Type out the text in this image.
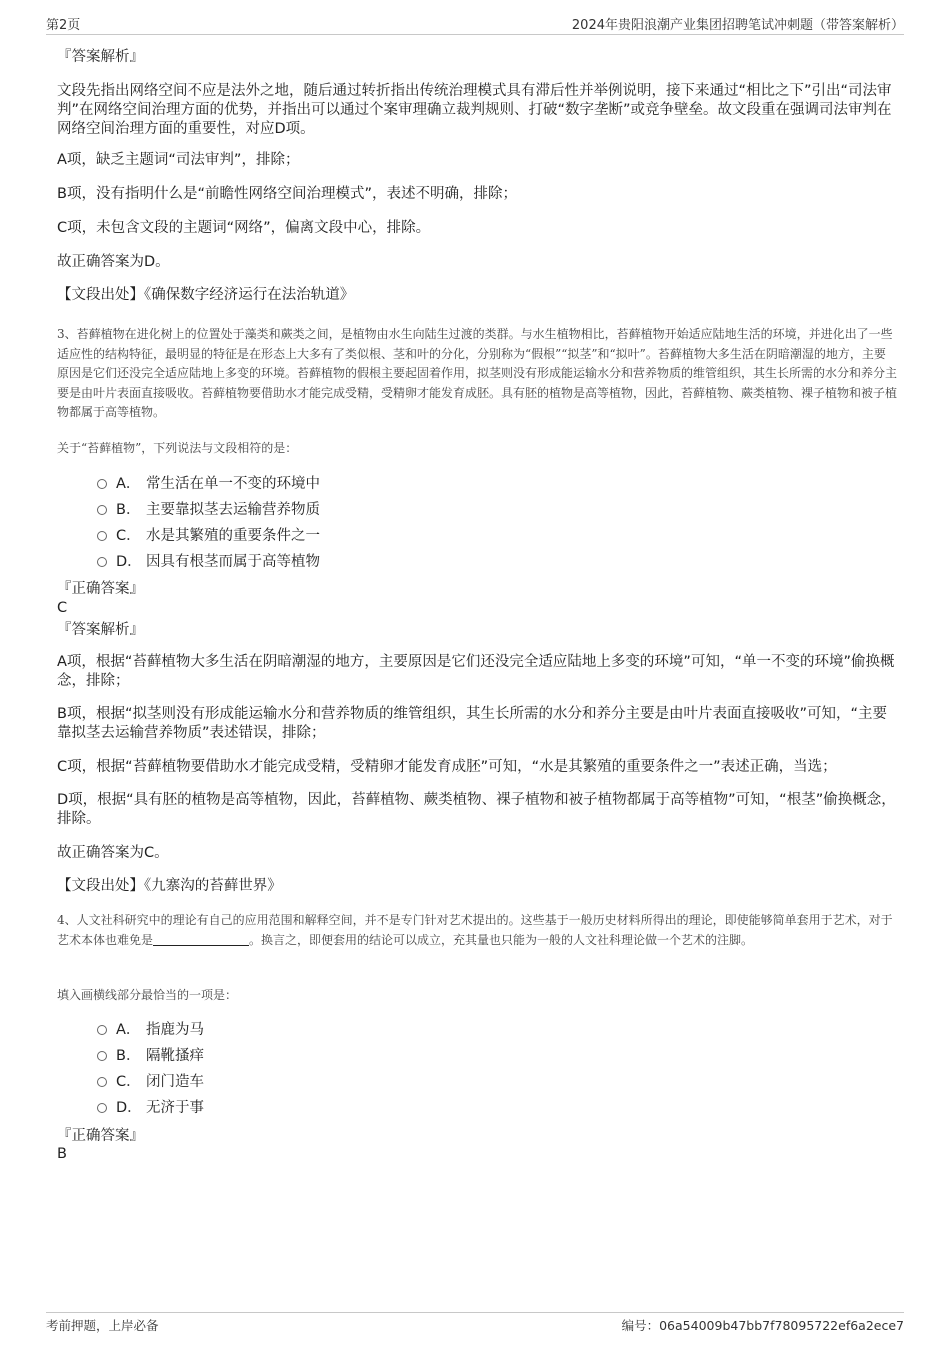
第2页	2024年贵阳浪潮产业集团招聘笔试冲刺题（带答案解析）
『答案解析』
文段先指出网络空间不应是法外之地，随后通过转折指出传统治理模式具有滞后性并举例说明，接下来通过“相比之下”引出“司法审判”在网络空间治理方面的优势，并指出可以通过个案审理确立裁判规则、打破“数字垄断”或竞争壁垒。故文段重在强调司法审判在网络空间治理方面的重要性，对应D项。
A项，缺乏主题词“司法审判”，排除；
B项，没有指明什么是“前瞻性网络空间治理模式”，表述不明确，排除；
C项，未包含文段的主题词“网络”，偏离文段中心，排除。
故正确答案为D。
【文段出处】《确保数字经济运行在法治轨道》
3、苔藓植物在进化树上的位置处于藻类和蕨类之间，是植物由水生向陆生过渡的类群。与水生植物相比，苔藓植物开始适应陆地生活的环境，并进化出了一些适应性的结构特征，最明显的特征是在形态上大多有了类似根、茎和叶的分化，分别称为“假根”“拟茎”和“拟叶”。苔藓植物大多生活在阴暗潮湿的地方，主要原因是它们还没完全适应陆地上多变的环境。苔藓植物的假根主要起固着作用，拟茎则没有形成能运输水分和营养物质的维管组织，其生长所需的水分和养分主要是由叶片表面直接吸收。苔藓植物要借助水才能完成受精，受精卵才能发育成胚。具有胚的植物是高等植物，因此，苔藓植物、蕨类植物、裸子植物和被子植物都属于高等植物。
关于“苔藓植物”，下列说法与文段相符的是：
A． 常生活在单一不变的环境中
B． 主要靠拟茎去运输营养物质
C． 水是其繁殖的重要条件之一
D． 因具有根茎而属于高等植物
『正确答案』
C
『答案解析』
A项，根据“苔藓植物大多生活在阴暗潮湿的地方，主要原因是它们还没完全适应陆地上多变的环境”可知，“单一不变的环境”偷换概念，排除；
B项，根据“拟茎则没有形成能运输水分和营养物质的维管组织，其生长所需的水分和养分主要是由叶片表面直接吸收”可知，“主要靠拟茎去运输营养物质”表述错误，排除；
C项，根据“苔藓植物要借助水才能完成受精，受精卵才能发育成胚”可知，“水是其繁殖的重要条件之一”表述正确，当选；
D项，根据“具有胚的植物是高等植物，因此，苔藓植物、蕨类植物、裸子植物和被子植物都属于高等植物”可知，“根茎”偷换概念，排除。
故正确答案为C。
【文段出处】《九寨沟的苔藓世界》
4、人文社科研究中的理论有自己的应用范围和解释空间，并不是专门针对艺术提出的。这些基于一般历史材料所得出的理论，即使能够简单套用于艺术，对于艺术本体也难免是	。换言之，即便套用的结论可以成立，充其量也只能为一般的人文社科理论做一个艺术的注脚。
填入画横线部分最恰当的一项是：
A． 指鹿为马
B． 隔靴搔痒
C． 闭门造车
D． 无济于事
『正确答案』
B
考前押题，上岸必备	编号：06a54009b47bb7f78095722ef6a2ece7
